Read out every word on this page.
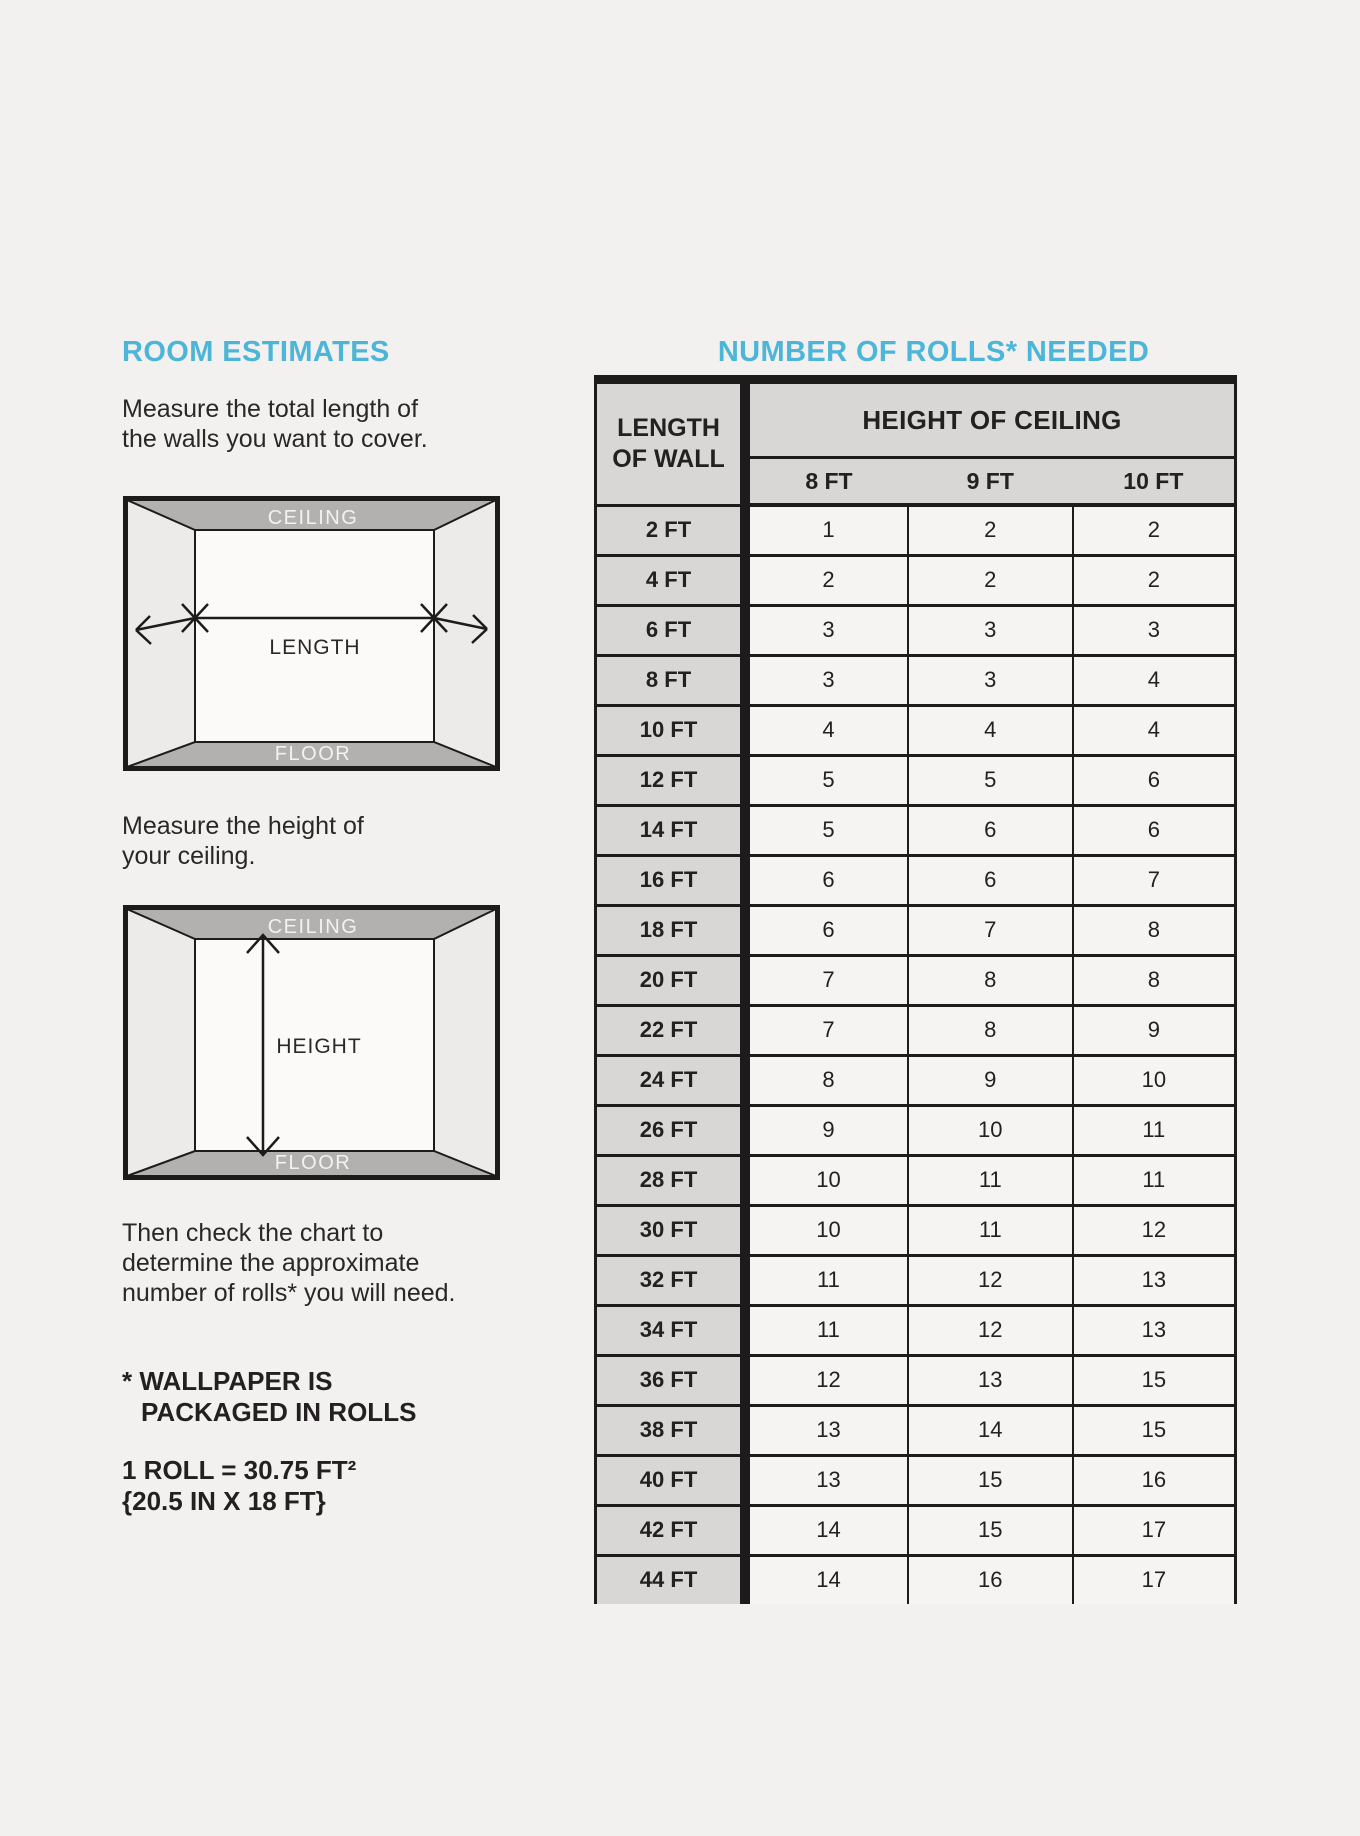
ROOM ESTIMATES
Measure the total length of
the walls you want to cover.
CEILING
FLOOR
LENGTH
Measure the height of
your ceiling.
CEILING
FLOOR
HEIGHT
Then check the chart to
determine the approximate
number of rolls* you will need.
* WALLPAPER IS
PACKAGED IN ROLLS
1 ROLL = 30.75 FT²
{20.5 IN X 18 FT}
NUMBER OF ROLLS* NEEDED
LENGTH
OF WALL	HEIGHT OF CEILING		
	8 FT	9 FT	10 FT
2 FT	1	2	2
4 FT	2	2	2
6 FT	3	3	3
8 FT	3	3	4
10 FT	4	4	4
12 FT	5	5	6
14 FT	5	6	6
16 FT	6	6	7
18 FT	6	7	8
20 FT	7	8	8
22 FT	7	8	9
24 FT	8	9	10
26 FT	9	10	11
28 FT	10	11	11
30 FT	10	11	12
32 FT	11	12	13
34 FT	11	12	13
36 FT	12	13	15
38 FT	13	14	15
40 FT	13	15	16
42 FT	14	15	17
44 FT	14	16	17
